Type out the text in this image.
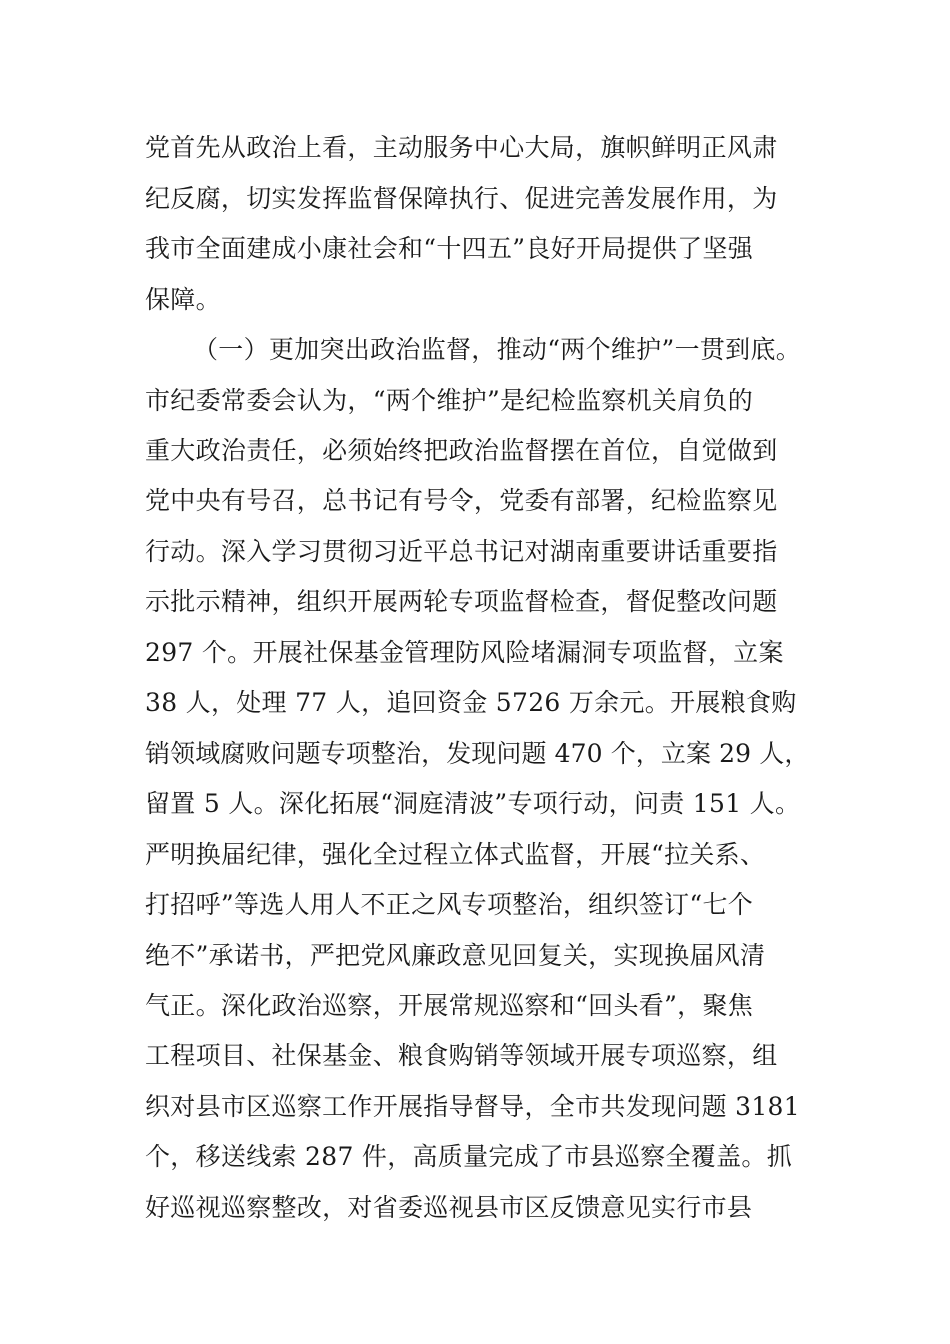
党首先从政治上看，主动服务中心大局，旗帜鲜明正风肃
纪反腐，切实发挥监督保障执行、促进完善发展作用，为
我市全面建成小康社会和“十四五”良好开局提供了坚强
保障。
（一）更加突出政治监督，推动“两个维护”一贯到底。
市纪委常委会认为，“两个维护”是纪检监察机关肩负的
重大政治责任，必须始终把政治监督摆在首位，自觉做到
党中央有号召，总书记有号令，党委有部署，纪检监察见
行动。深入学习贯彻习近平总书记对湖南重要讲话重要指
示批示精神，组织开展两轮专项监督检查，督促整改问题
297 个。开展社保基金管理防风险堵漏洞专项监督，立案
38 人，处理 77 人，追回资金 5726 万余元。开展粮食购
销领域腐败问题专项整治，发现问题 470 个，立案 29 人，
留置 5 人。深化拓展“洞庭清波”专项行动，问责 151 人。
严明换届纪律，强化全过程立体式监督，开展“拉关系、
打招呼”等选人用人不正之风专项整治，组织签订“七个
绝不”承诺书，严把党风廉政意见回复关，实现换届风清
气正。深化政治巡察，开展常规巡察和“回头看”，聚焦
工程项目、社保基金、粮食购销等领域开展专项巡察，组
织对县市区巡察工作开展指导督导，全市共发现问题 3181
个，移送线索 287 件，高质量完成了市县巡察全覆盖。抓
好巡视巡察整改，对省委巡视县市区反馈意见实行市县
